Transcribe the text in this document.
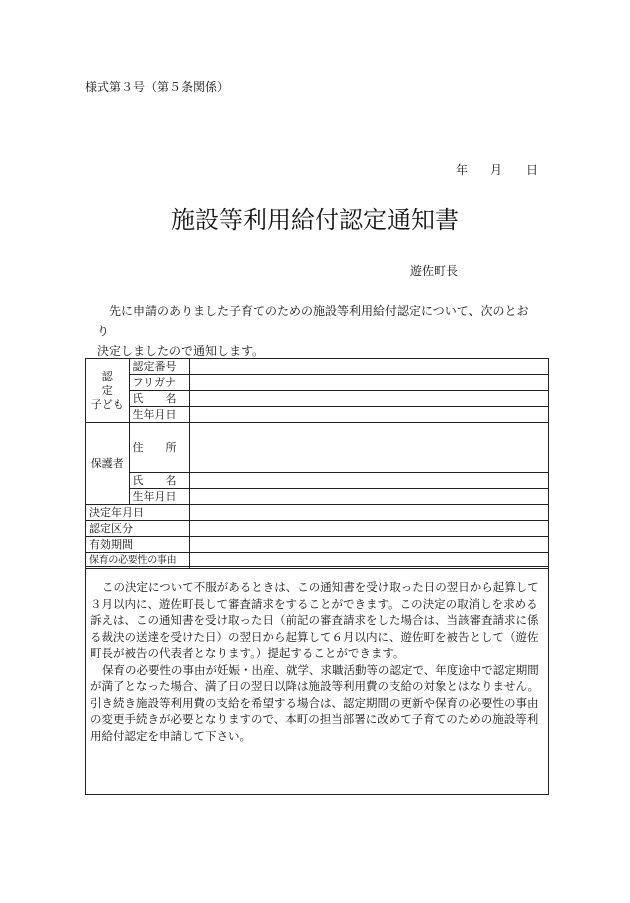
様式第３号（第５条関係）
年 月 日
施設等利用給付認定通知書
遊佐町長

先に申請のありました子育てのための施設等利用給付認定について、次のとおり

決定しましたので通知します。

認　　定
子ども	認定番号	
	フリガナ	
	氏　　名	
	生年月日	
保護者	住　　所	
	氏　　名	
	生年月日	
決定年月日		
認定区分		
有効期間		
保育の必要性の事由		

この決定について不服があるときは、この通知書を受け取った日の翌日から起算して３月以内に、遊佐町長して審査請求をすることができます。この決定の取消しを求める訴えは、この通知書を受け取った日（前記の審査請求をした場合は、当該審査請求に係る裁決の送達を受けた日）の翌日から起算して６月以内に、遊佐町を被告として（遊佐町長が被告の代表者となります。）提起することができます。

保育の必要性の事由が妊娠・出産、就学、求職活動等の認定で、年度途中で認定期間が満了となった場合、満了日の翌日以降は施設等利用費の支給の対象とはなりません。引き続き施設等利用費の支給を希望する場合は、認定期間の更新や保育の必要性の事由の変更手続きが必要となりますので、本町の担当部署に改めて子育てのための施設等利用給付認定を申請して下さい。
